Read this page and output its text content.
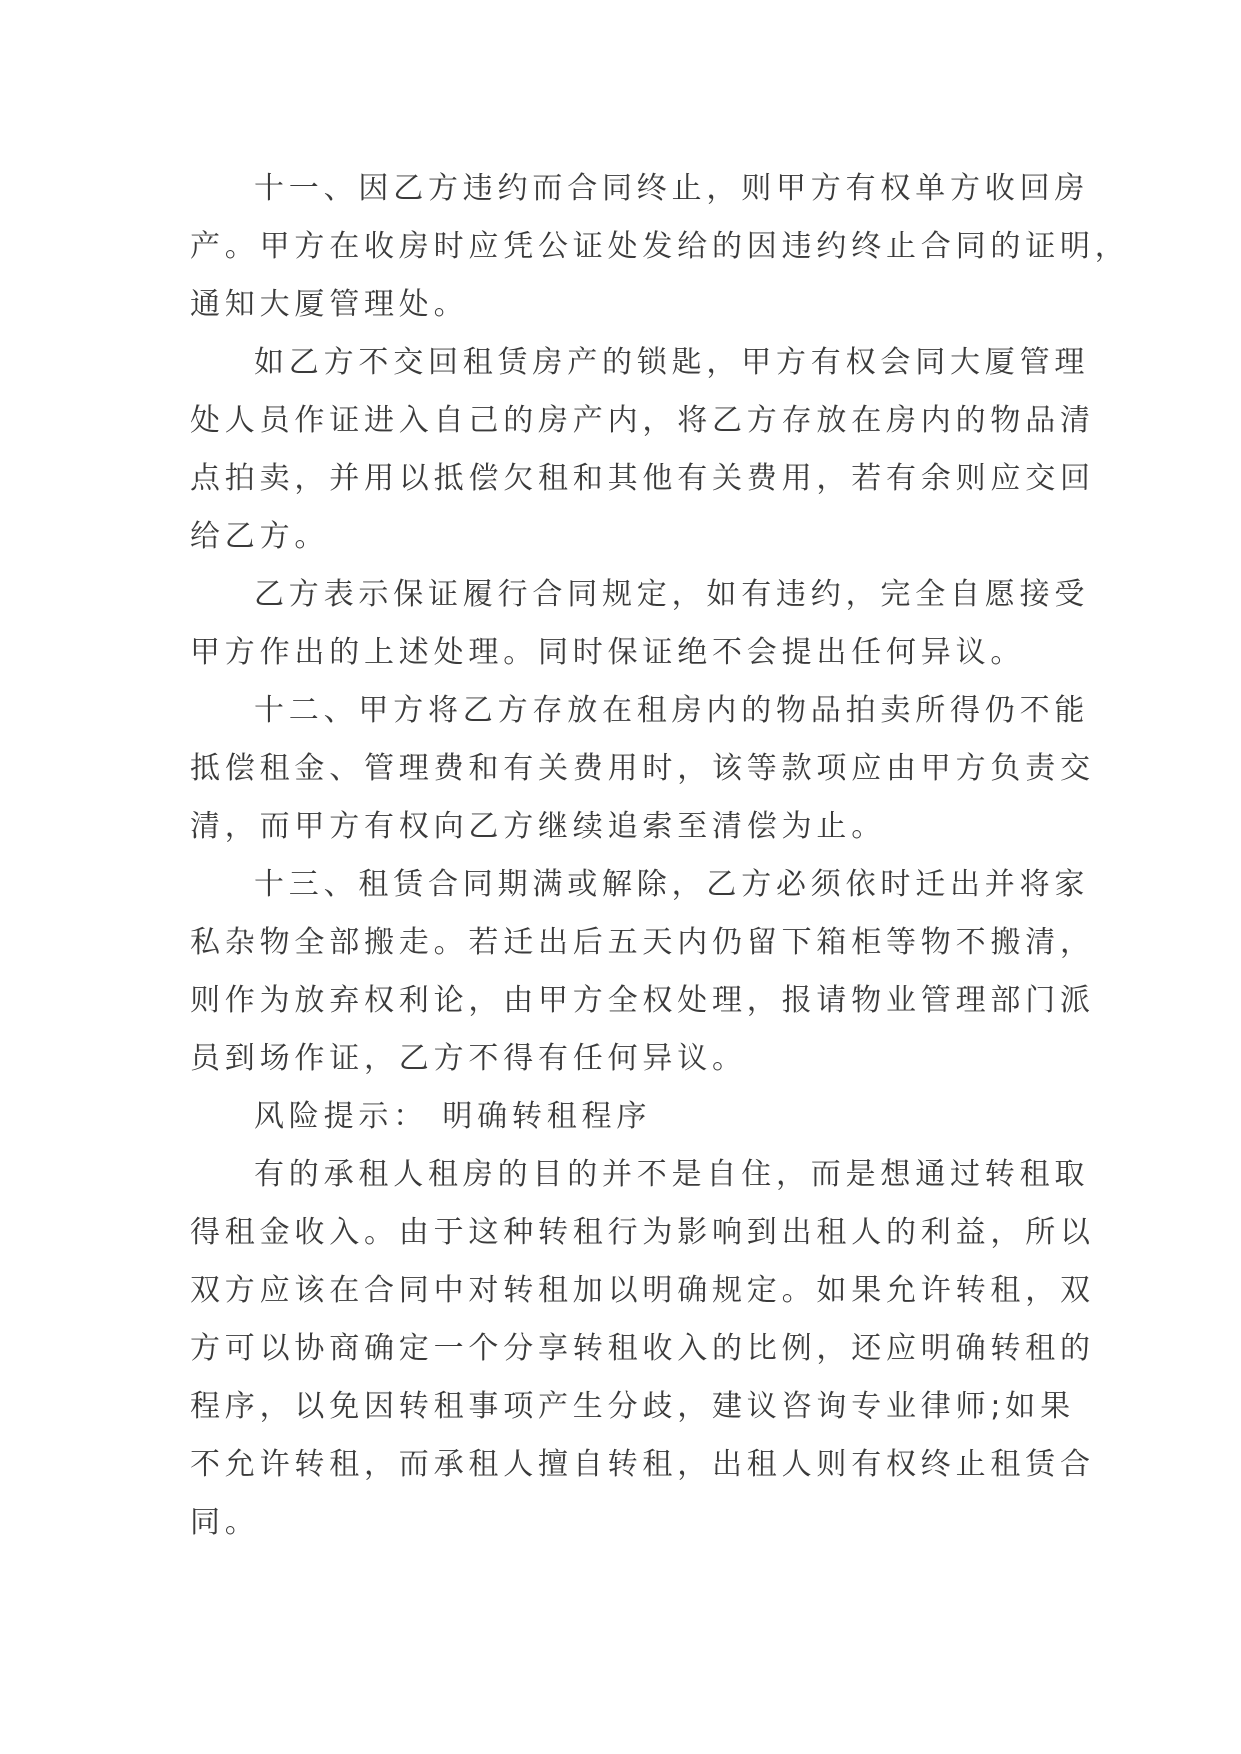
十一、因乙方违约而合同终止，则甲方有权单方收回房
产。甲方在收房时应凭公证处发给的因违约终止合同的证明，
通知大厦管理处。
如乙方不交回租赁房产的锁匙，甲方有权会同大厦管理
处人员作证进入自己的房产内，将乙方存放在房内的物品清
点拍卖，并用以抵偿欠租和其他有关费用，若有余则应交回
给乙方。
乙方表示保证履行合同规定，如有违约，完全自愿接受
甲方作出的上述处理。同时保证绝不会提出任何异议。
十二、甲方将乙方存放在租房内的物品拍卖所得仍不能
抵偿租金、管理费和有关费用时，该等款项应由甲方负责交
清，而甲方有权向乙方继续追索至清偿为止。
十三、租赁合同期满或解除，乙方必须依时迁出并将家
私杂物全部搬走。若迁出后五天内仍留下箱柜等物不搬清，
则作为放弃权利论，由甲方全权处理，报请物业管理部门派
员到场作证，乙方不得有任何异议。
风险提示： 明确转租程序
有的承租人租房的目的并不是自住，而是想通过转租取
得租金收入。由于这种转租行为影响到出租人的利益，所以
双方应该在合同中对转租加以明确规定。如果允许转租，双
方可以协商确定一个分享转租收入的比例，还应明确转租的
程序，以免因转租事项产生分歧，建议咨询专业律师;如果
不允许转租，而承租人擅自转租，出租人则有权终止租赁合
同。
